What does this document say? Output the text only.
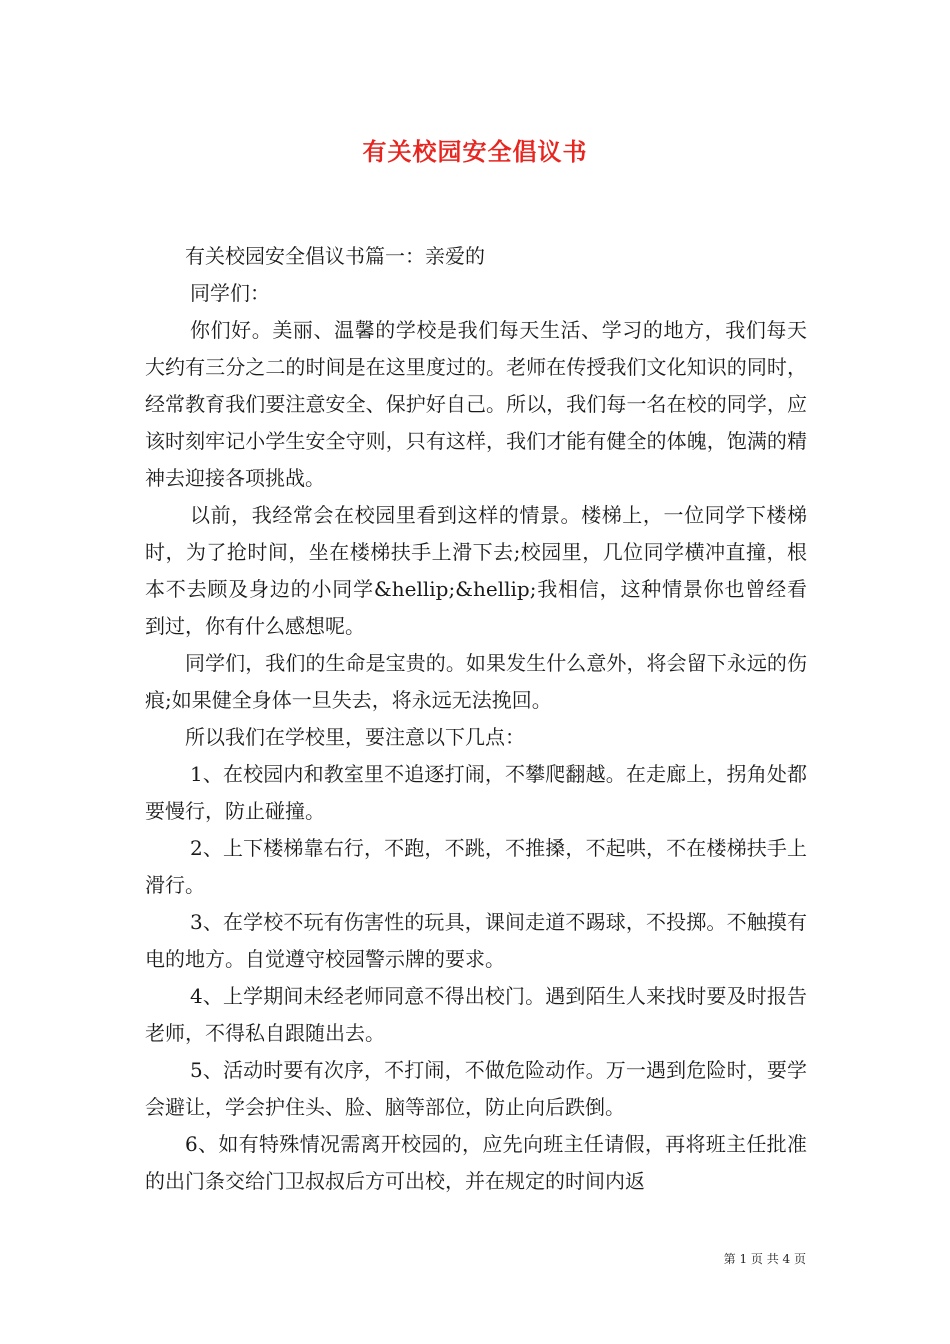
有关校园安全倡议书

有关校园安全倡议书篇一：亲爱的

同学们：

你们好。美丽、温馨的学校是我们每天生活、学习的地方，我们每天大约有三分之二的时间是在这里度过的。老师在传授我们文化知识的同时，经常教育我们要注意安全、保护好自己。所以，我们每一名在校的同学，应该时刻牢记小学生安全守则，只有这样，我们才能有健全的体魄，饱满的精神去迎接各项挑战。

以前，我经常会在校园里看到这样的情景。楼梯上，一位同学下楼梯时，为了抢时间，坐在楼梯扶手上滑下去;校园里，几位同学横冲直撞，根本不去顾及身边的小同学&hellip;&hellip;我相信，这种情景你也曾经看到过，你有什么感想呢。

同学们，我们的生命是宝贵的。如果发生什么意外，将会留下永远的伤痕;如果健全身体一旦失去，将永远无法挽回。

所以我们在学校里，要注意以下几点：

1、在校园内和教室里不追逐打闹，不攀爬翻越。在走廊上，拐角处都要慢行，防止碰撞。

2、上下楼梯靠右行，不跑，不跳，不推搡，不起哄，不在楼梯扶手上滑行。

3、在学校不玩有伤害性的玩具，课间走道不踢球，不投掷。不触摸有电的地方。自觉遵守校园警示牌的要求。

4、上学期间未经老师同意不得出校门。遇到陌生人来找时要及时报告老师，不得私自跟随出去。

5、活动时要有次序，不打闹，不做危险动作。万一遇到危险时，要学会避让，学会护住头、脸、脑等部位，防止向后跌倒。

6、如有特殊情况需离开校园的，应先向班主任请假，再将班主任批准的出门条交给门卫叔叔后方可出校，并在规定的时间内返

第 1 页 共 4 页
